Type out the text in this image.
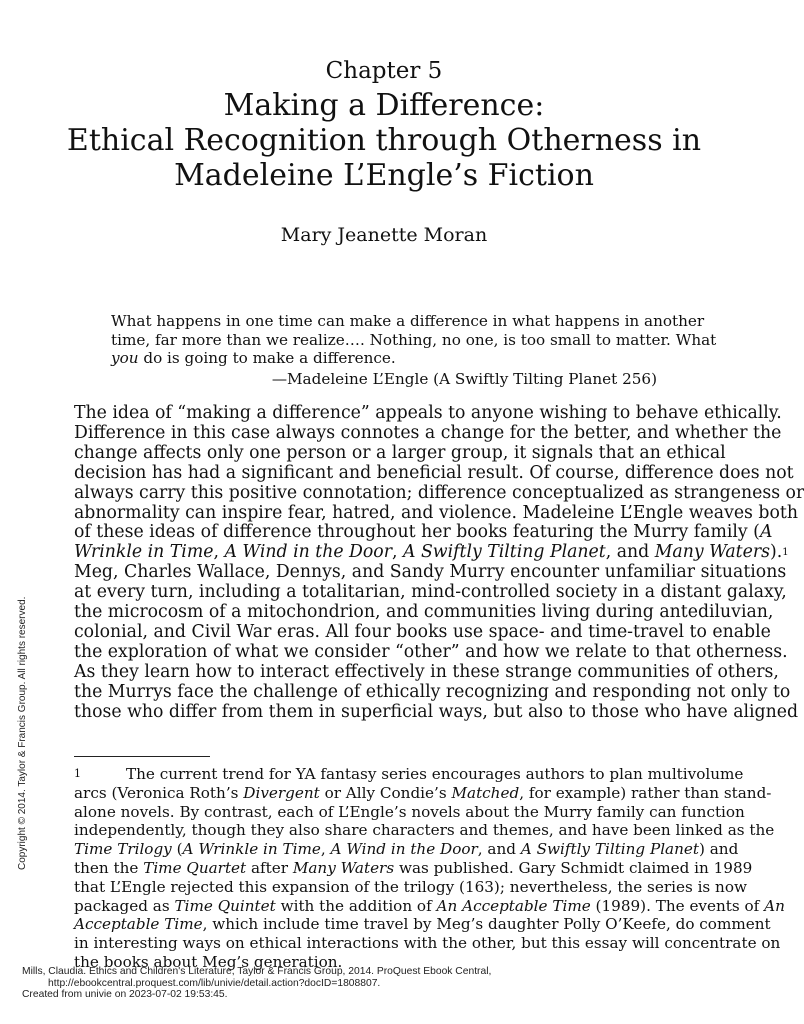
Chapter 5
Making a Difference:
Ethical Recognition through Otherness in
Madeleine L’Engle’s Fiction
Mary Jeanette Moran
What happens in one time can make a difference in what happens in another
time, far more than we realize…. Nothing, no one, is too small to matter. What
you do is going to make a difference.
—Madeleine L’Engle (A Swiftly Tilting Planet 256)
The idea of “making a difference” appeals to anyone wishing to behave ethically.
Difference in this case always connotes a change for the better, and whether the
change affects only one person or a larger group, it signals that an ethical
decision has had a significant and beneficial result. Of course, difference does not
always carry this positive connotation; difference conceptualized as strangeness or
abnormality can inspire fear, hatred, and violence. Madeleine L’Engle weaves both
of these ideas of difference throughout her books featuring the Murry family (A
Wrinkle in Time, A Wind in the Door, A Swiftly Tilting Planet, and Many Waters).$^1$
Meg, Charles Wallace, Dennys, and Sandy Murry encounter unfamiliar situations
at every turn, including a totalitarian, mind-controlled society in a distant galaxy,
the microcosm of a mitochondrion, and communities living during antediluvian,
colonial, and Civil War eras. All four books use space- and time-travel to enable
the exploration of what we consider “other” and how we relate to that otherness.
As they learn how to interact effectively in these strange communities of others,
the Murrys face the challenge of ethically recognizing and responding not only to
those who differ from them in superficial ways, but also to those who have aligned
1	The current trend for YA fantasy series encourages authors to plan multivolume
arcs (Veronica Roth’s Divergent or Ally Condie’s Matched, for example) rather than stand-
alone novels. By contrast, each of L’Engle’s novels about the Murry family can function
independently, though they also share characters and themes, and have been linked as the
Time Trilogy (A Wrinkle in Time, A Wind in the Door, and A Swiftly Tilting Planet) and
then the Time Quartet after Many Waters was published. Gary Schmidt claimed in 1989
that L’Engle rejected this expansion of the trilogy (163); nevertheless, the series is now
packaged as Time Quintet with the addition of An Acceptable Time (1989). The events of An
Acceptable Time, which include time travel by Meg’s daughter Polly O’Keefe, do comment
in interesting ways on ethical interactions with the other, but this essay will concentrate on
the books about Meg’s generation.
Copyright © 2014. Taylor & Francis Group. All rights reserved.
Mills, Claudia. Ethics and Children's Literature, Taylor & Francis Group, 2014. ProQuest Ebook Central,
http://ebookcentral.proquest.com/lib/univie/detail.action?docID=1808807.
Created from univie on 2023-07-02 19:53:45.
